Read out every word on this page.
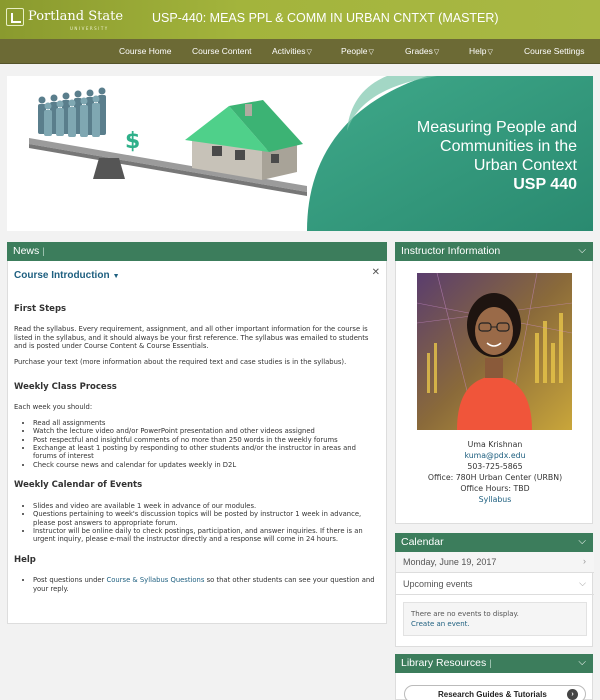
Portland State
UNIVERSITY
USP-440: MEAS PPL & COMM IN URBAN CNTXT (MASTER)
Course Home Course Content Activities▽	People▽	Grades▽	Help▽	Course Settings
$
Measuring People and
Communities in the
Urban Context
USP 440
News |
Course Introduction ▼	✕
First Steps

Read the syllabus. Every requirement, assignment, and all other important information for the course is listed in the syllabus, and it should always be your first reference. The syllabus was emailed to students and is posted under Course Content & Course Essentials.

Purchase your text (more information about the required text and case studies is in the syllabus).

Weekly Class Process

Each week you should:

• Read all assignments
• Watch the lecture video and/or PowerPoint presentation and other videos assigned
• Post respectful and insightful comments of no more than 250 words in the weekly forums
• Exchange at least 1 posting by responding to other students and/or the instructor in areas and forums of interest
• Check course news and calendar for updates weekly in D2L
Weekly Calendar of Events
• Slides and video are available 1 week in advance of our modules.
• Questions pertaining to week's discussion topics will be posted by instructor 1 week in advance, please post answers to appropriate forum.
• Instructor will be online daily to check postings, participation, and answer inquiries. If there is an urgent inquiry, please e-mail the instructor directly and a response will come in 24 hours.
Help
• Post questions under Course & Syllabus Questions so that other students can see your question and your reply.
Instructor Information	⌵
Uma Krishnan
kuma@pdx.edu
503-725-5865
Office: 780H Urban Center (URBN)
Office Hours: TBD
Syllabus
Calendar	⌵
Monday, June 19, 2017	›
Upcoming events	⌵
There are no events to display.
Create an event.
Library Resources |	⌵
Research Guides & Tutorials	›
